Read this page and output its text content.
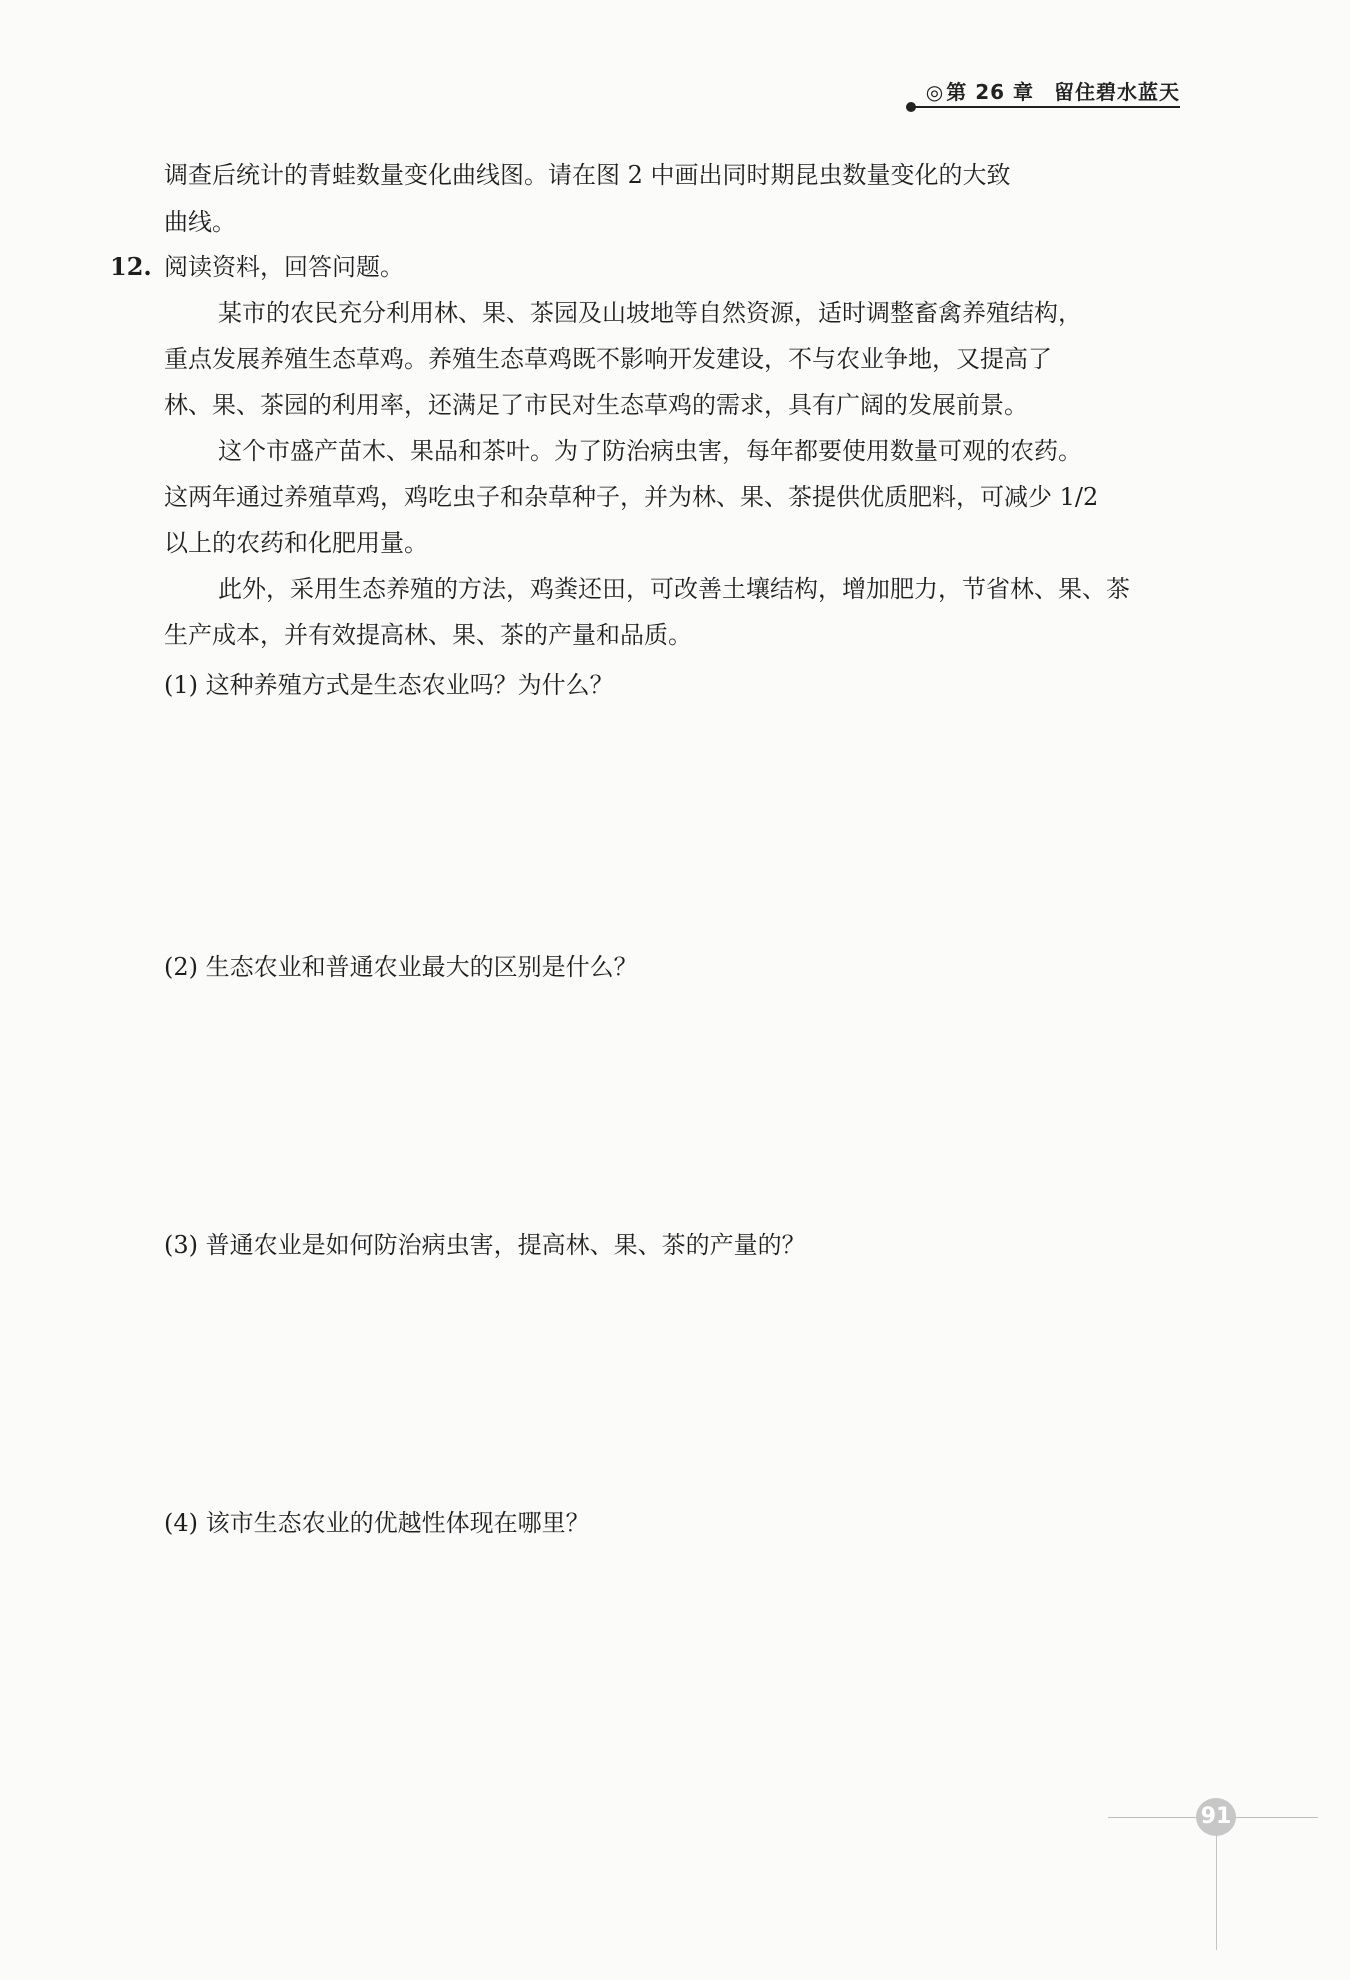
◎ 第 26 章 留住碧水蓝天
调查后统计的青蛙数量变化曲线图。请在图 2 中画出同时期昆虫数量变化的大致
曲线。
12. 阅读资料，回答问题。
某市的农民充分利用林、果、茶园及山坡地等自然资源，适时调整畜禽养殖结构，
重点发展养殖生态草鸡。养殖生态草鸡既不影响开发建设，不与农业争地，又提高了
林、果、茶园的利用率，还满足了市民对生态草鸡的需求，具有广阔的发展前景。
这个市盛产苗木、果品和茶叶。为了防治病虫害，每年都要使用数量可观的农药。
这两年通过养殖草鸡，鸡吃虫子和杂草种子，并为林、果、茶提供优质肥料，可减少 1/2
以上的农药和化肥用量。
此外，采用生态养殖的方法，鸡粪还田，可改善土壤结构，增加肥力，节省林、果、茶
生产成本，并有效提高林、果、茶的产量和品质。
(1) 这种养殖方式是生态农业吗？为什么？
(2) 生态农业和普通农业最大的区别是什么？
(3) 普通农业是如何防治病虫害，提高林、果、茶的产量的？
(4) 该市生态农业的优越性体现在哪里？
91
